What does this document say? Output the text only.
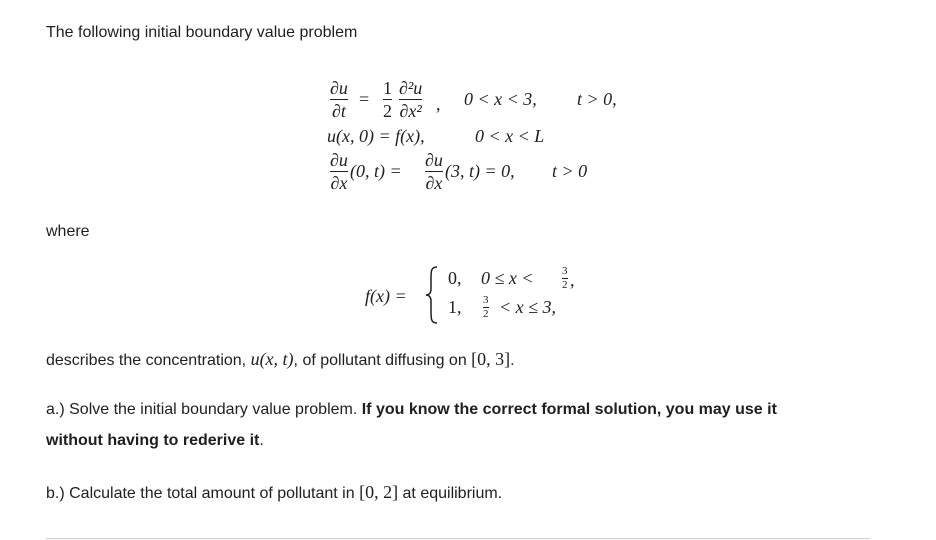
The following initial boundary value problem
∂u
∂t
=
1
2
∂²u
∂x² , 0 < x < 3, t > 0,
u(x, 0) = f(x),	0 < x < L
∂u
∂x
(0, t) =
∂u
∂x
(3, t) = 0, t > 0
where
f(x) =
0, 0 ≤ x <	3
2 ,
1, 3
2 < x ≤ 3,
describes the concentration, u(x, t), of pollutant diffusing on [0, 3].
a.) Solve the initial boundary value problem. If you know the correct formal solution, you may use it
without having to rederive it.
b.) Calculate the total amount of pollutant in [0, 2] at equilibrium.
